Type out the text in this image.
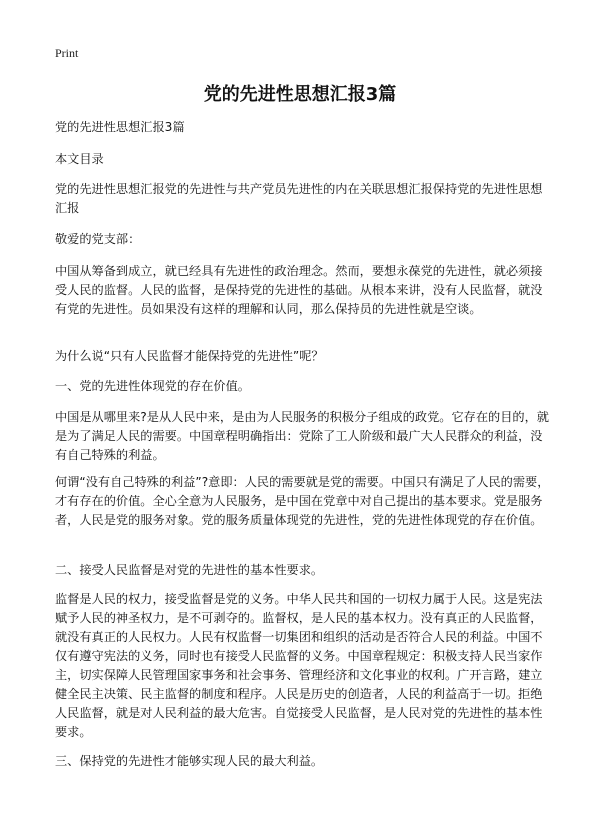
Print
党的先进性思想汇报3篇

党的先进性思想汇报3篇

本文目录

党的先进性思想汇报党的先进性与共产党员先进性的内在关联思想汇报保持党的先进性思想汇报

敬爱的党支部：

中国从筹备到成立，就已经具有先进性的政治理念。然而，要想永葆党的先进性，就必须接受人民的监督。人民的监督，是保持党的先进性的基础。从根本来讲，没有人民监督，就没有党的先进性。员如果没有这样的理解和认同，那么保持员的先进性就是空谈。

为什么说“只有人民监督才能保持党的先进性”呢？

一、党的先进性体现党的存在价值。

中国是从哪里来?是从人民中来，是由为人民服务的积极分子组成的政党。它存在的目的，就是为了满足人民的需要。中国章程明确指出：党除了工人阶级和最广大人民群众的利益，没有自己特殊的利益。

何谓“没有自己特殊的利益”?意即：人民的需要就是党的需要。中国只有满足了人民的需要，才有存在的价值。全心全意为人民服务，是中国在党章中对自己提出的基本要求。党是服务者，人民是党的服务对象。党的服务质量体现党的先进性，党的先进性体现党的存在价值。

二、接受人民监督是对党的先进性的基本性要求。

监督是人民的权力，接受监督是党的义务。中华人民共和国的一切权力属于人民。这是宪法赋予人民的神圣权力，是不可剥夺的。监督权，是人民的基本权力。没有真正的人民监督，就没有真正的人民权力。人民有权监督一切集团和组织的活动是否符合人民的利益。中国不仅有遵守宪法的义务，同时也有接受人民监督的义务。中国章程规定：积极支持人民当家作主，切实保障人民管理国家事务和社会事务、管理经济和文化事业的权利。广开言路，建立健全民主决策、民主监督的制度和程序。人民是历史的创造者，人民的利益高于一切。拒绝人民监督，就是对人民利益的最大危害。自觉接受人民监督，是人民对党的先进性的基本性要求。

三、保持党的先进性才能够实现人民的最大利益。
